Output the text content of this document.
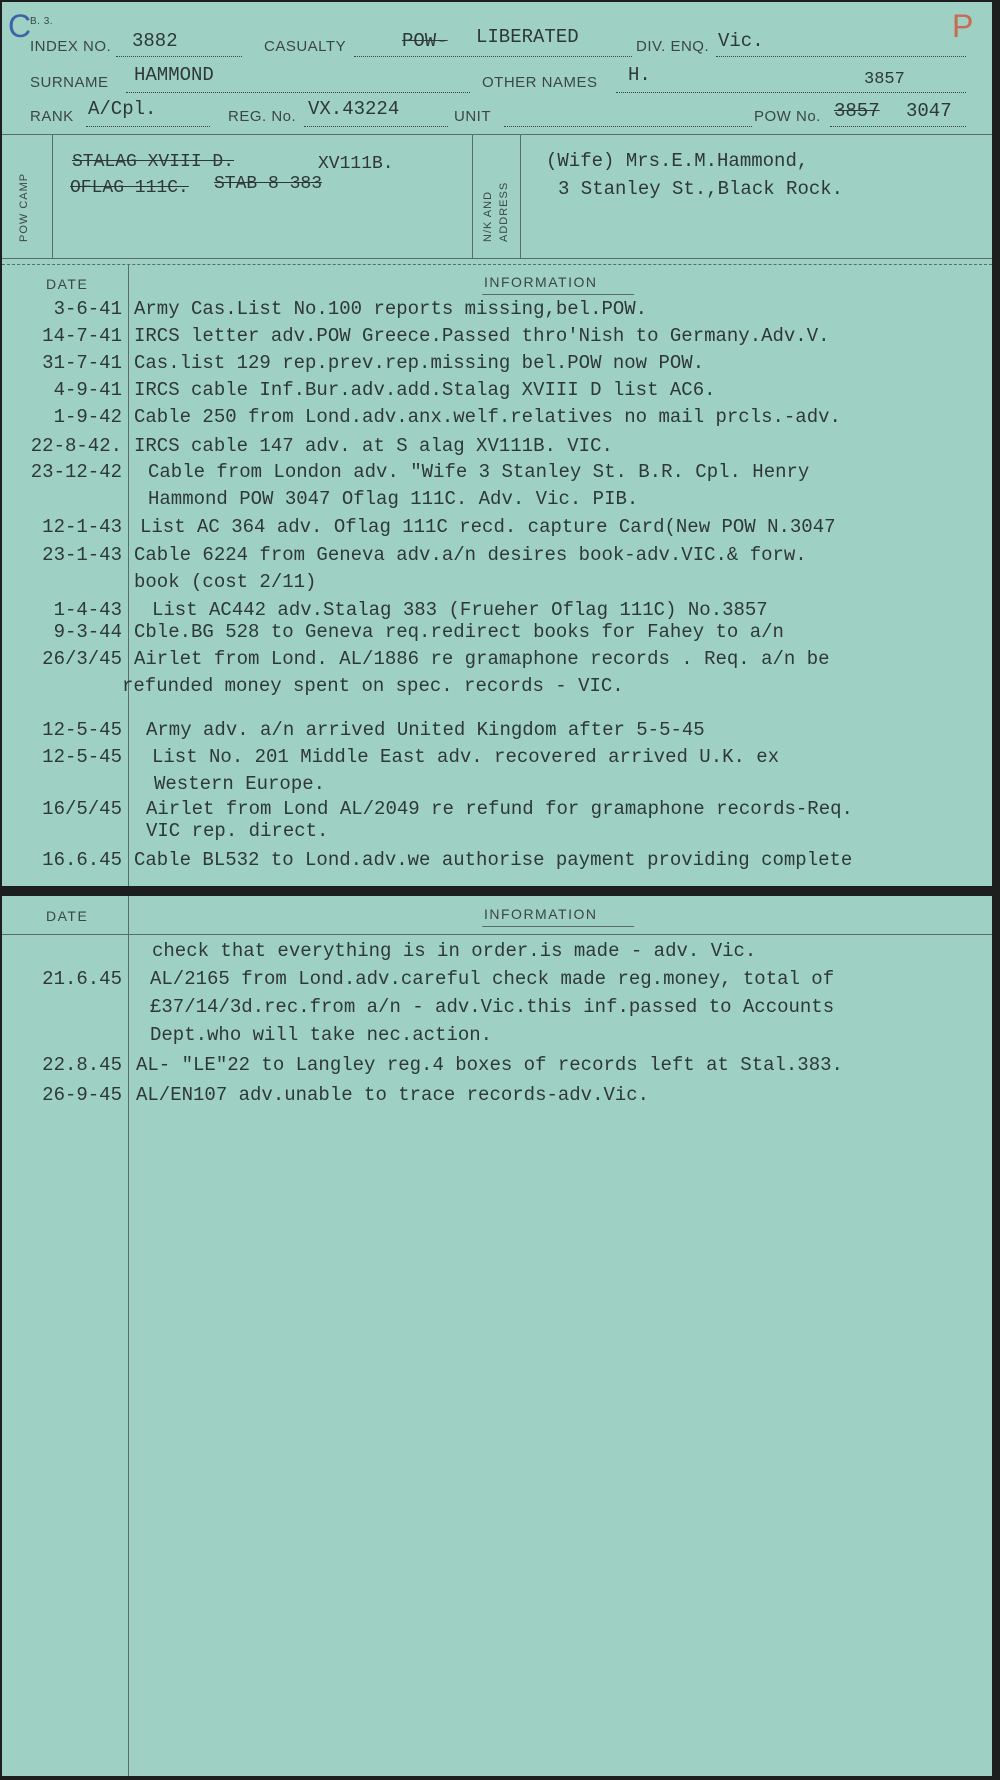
C	P
B. 3.
INDEX NO. 3882	CASUALTY	POW- LIBERATED	DIV. ENQ. Vic.
SURNAME HAMMOND	OTHER NAMES H.	3857
RANK A/Cpl.	REG. No. VX.43224	UNIT	POW No. 3857 3047
POW CAMP	N/K AND ADDRESS
STALAG XVIII D.	XV111B.
OFLAG 111C. STAB 8 383
(Wife) Mrs.E.M.Hammond,
3 Stanley St.,Black Rock.
DATE	INFORMATION
3-6-41 Army Cas.List No.100 reports missing,bel.POW.
14-7-41 IRCS letter adv.POW Greece.Passed thro'Nish to Germany.Adv.V.
31-7-41 Cas.list 129 rep.prev.rep.missing bel.POW now POW.
4-9-41 IRCS cable Inf.Bur.adv.add.Stalag XVIII D list AC6.
1-9-42 Cable 250 from Lond.adv.anx.welf.relatives no mail prcls.-adv.
22-8-42. IRCS cable 147 adv. at S alag XV111B. VIC.
23-12-42 Cable from London adv. "Wife 3 Stanley St. B.R. Cpl. Henry
Hammond POW 3047 Oflag 111C. Adv. Vic. PIB.
12-1-43 List AC 364 adv. Oflag 111C recd. capture Card(New POW N.3047
23-1-43 Cable 6224 from Geneva adv.a/n desires book-adv.VIC.& forw.
book (cost 2/11)
1-4-43 List AC442 adv.Stalag 383 (Frueher Oflag 111C) No.3857
9-3-44 Cble.BG 528 to Geneva req.redirect books for Fahey to a/n
26/3/45 Airlet from Lond. AL/1886 re gramaphone records . Req. a/n be
refunded money spent on spec. records - VIC.
12-5-45 Army adv. a/n arrived United Kingdom after 5-5-45
12-5-45 List No. 201 Middle East adv. recovered arrived U.K. ex
Western Europe.
16/5/45 Airlet from Lond AL/2049 re refund for gramaphone records-Req.
VIC rep. direct.
16.6.45 Cable BL532 to Lond.adv.we authorise payment providing complete
DATE	INFORMATION
check that everything is in order.is made - adv. Vic.
21.6.45 AL/2165 from Lond.adv.careful check made reg.money, total of
£37/14/3d.rec.from a/n - adv.Vic.this inf.passed to Accounts
Dept.who will take nec.action.
22.8.45 AL- "LE"22 to Langley reg.4 boxes of records left at Stal.383.
26-9-45 AL/EN107 adv.unable to trace records-adv.Vic.
